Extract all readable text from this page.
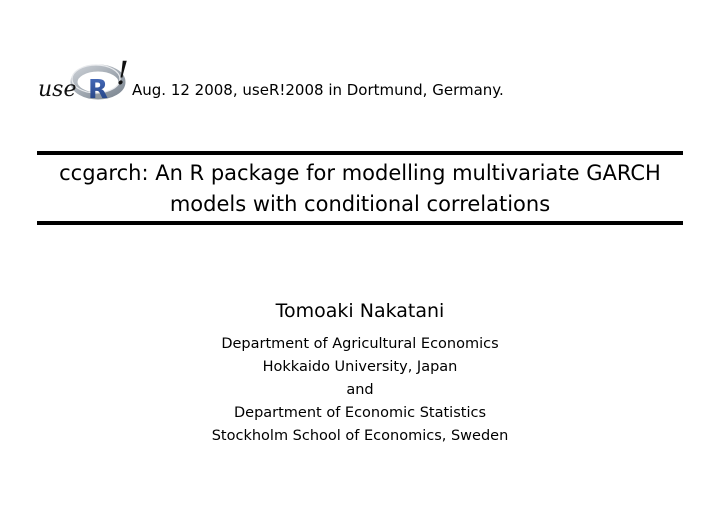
use R ! Aug. 12 2008, useR!2008 in Dortmund, Germany.
ccgarch: An R package for modelling multivariate GARCH
models with conditional correlations
Tomoaki Nakatani
Department of Agricultural Economics
Hokkaido University, Japan
and
Department of Economic Statistics
Stockholm School of Economics, Sweden
